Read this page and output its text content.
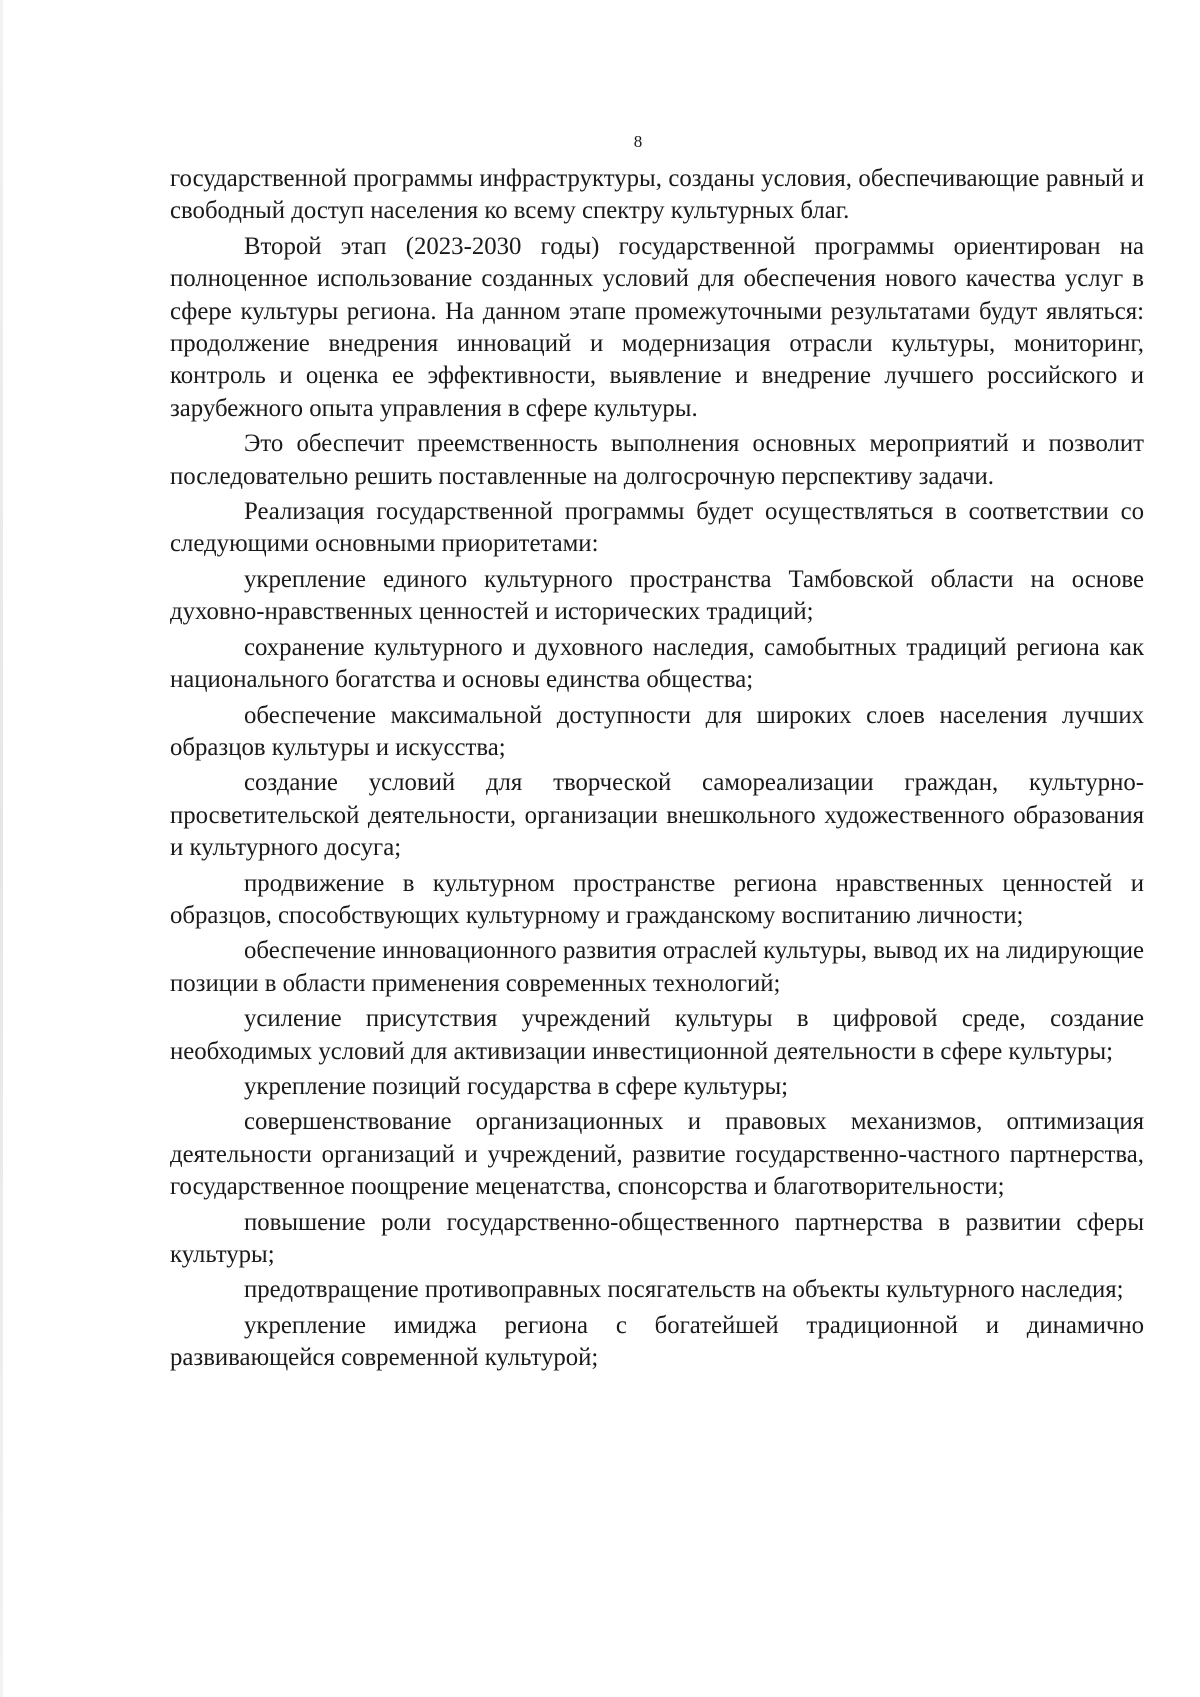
8

государственной программы инфраструктуры, созданы условия, обеспечивающие равный и свободный доступ населения ко всему спектру культурных благ.

Второй этап (2023-2030 годы) государственной программы ориентирован на полноценное использование созданных условий для обеспечения нового качества услуг в сфере культуры региона. На данном этапе промежуточными результатами будут являться: продолжение внедрения инноваций и модернизация отрасли культуры, мониторинг, контроль и оценка ее эффективности, выявление и внедрение лучшего российского и зарубежного опыта управления в сфере культуры.

Это обеспечит преемственность выполнения основных мероприятий и позволит последовательно решить поставленные на долгосрочную перспективу задачи.

Реализация государственной программы будет осуществляться в соответствии со следующими основными приоритетами:

укрепление единого культурного пространства Тамбовской области на основе духовно-нравственных ценностей и исторических традиций;

сохранение культурного и духовного наследия, самобытных традиций региона как национального богатства и основы единства общества;

обеспечение максимальной доступности для широких слоев населения лучших образцов культуры и искусства;

создание условий для творческой самореализации граждан, культурно-просветительской деятельности, организации внешкольного художественного образования и культурного досуга;

продвижение в культурном пространстве региона нравственных ценностей и образцов, способствующих культурному и гражданскому воспитанию личности;

обеспечение инновационного развития отраслей культуры, вывод их на лидирующие позиции в области применения современных технологий;

усиление присутствия учреждений культуры в цифровой среде, создание необходимых условий для активизации инвестиционной деятельности в сфере культуры;

укрепление позиций государства в сфере культуры;

совершенствование организационных и правовых механизмов, оптимизация деятельности организаций и учреждений, развитие государственно-частного партнерства, государственное поощрение меценатства, спонсорства и благотворительности;

повышение роли государственно-общественного партнерства в развитии сферы культуры;

предотвращение противоправных посягательств на объекты культурного наследия;

укрепление имиджа региона с богатейшей традиционной и динамично развивающейся современной культурой;
